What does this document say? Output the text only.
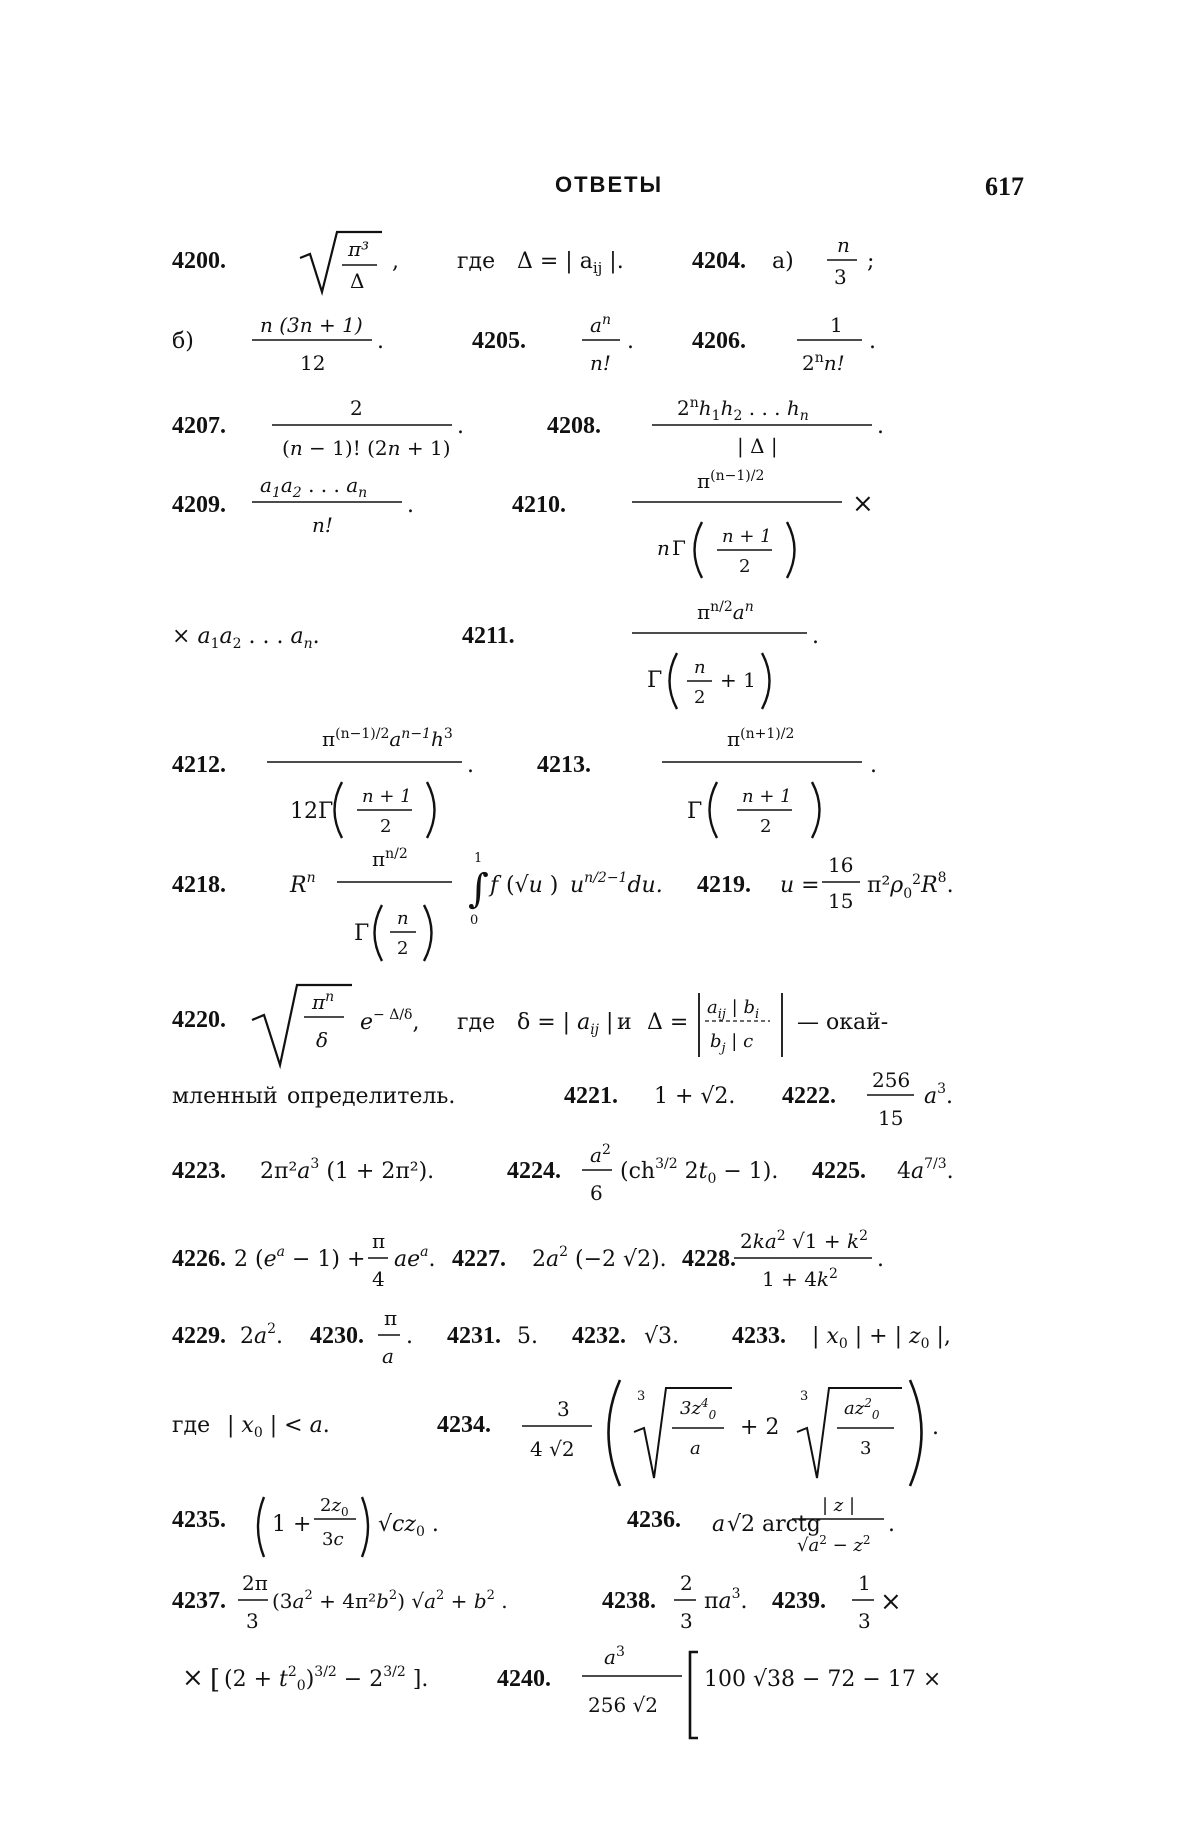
ОТВЕТЫ	617
4200.	π³
Δ
,	где Δ = | $a_{ij}$ |.	4204. а)
n
3
;
б)
n (3n + 1)
12
.	4205.
$a^n$
n!
. 4206.
1
2$^n$n!
.
4207.
2
(n − 1)! (2n + 1)
.	4208.
$2^nh_1h_2$ . . . $h_n$
| Δ |
.
4209.
$a_1a_2$ . . . $a_n$
n!
.	4210.
$\pi^{(n-1)/2}$
n Γ n + 1
2
×
× $a_1a_2$ . . . $a_n$.	4211.
$\pi^{n/2}a^n$
Γ
n
2
+ 1
.
4212.
$\pi^{(n-1)/2}a^{n-1}h^3$
12Γ
n + 1
2
.	4213.
$\pi^{(n+1)/2}$
Γ
n + 1
2
.
4218.	$R^n$
$\pi^{n/2}$
Γ
n
2
∫
1
0
f (√u ) $u^{n/2-1}du$. 4219. u =
16
15
$\pi^2\rho_0^2R^8$.
4220.
$\pi^n$
δ
$e^{- \Delta/\delta}$, где δ = | $a_{ij}$ | и Δ =
$a_{ij}$ | $b_i$
$b_j$ | c
— окай-
мленный определитель.	4221. 1 + √2. 4222.
256
15
$a^3$.
4223. $2\pi^2a^3$ (1 + 2π²).	4224.
$a^2$
6
($ch^{3/2}$ $2t_0 - 1$). 4225. $4a^{7/3}$.
4226. 2 $(e^a - 1)$ +
π
4
$ae^a$. 4227. $2a^2$ (−2 √2). 4228.
$2ka^2$ $√1 + k^2$
$1 + 4k^2$
.
4229. $2a^2$. 4230.
π
a
. 4231. 5. 4232. √3. 4233. | $x_0$ | + | $z_0$ |,
где | $x_0$ | < a.	4234.
3
4 √2
3
$3z^4_0$
a
+ 2
3
$az^2_0$
3
.
4235. 1 +
$2z_0$
3c
$√cz_0$ .	4236. a √2 arctg
| z |
$√a^2 - z^2$
.
4237.
2π
3
$(3a^2 + 4\pi^2b^2) √a^2 + b^2$ .	4238.
2
3
$\pi a^3$. 4239.
1
3
×
× [ $(2 + t^2_0)^{3/2} - 2^{3/2}$ ].	4240.
$a^3$
256 √2
100 √38 − 72 − 17 ×
